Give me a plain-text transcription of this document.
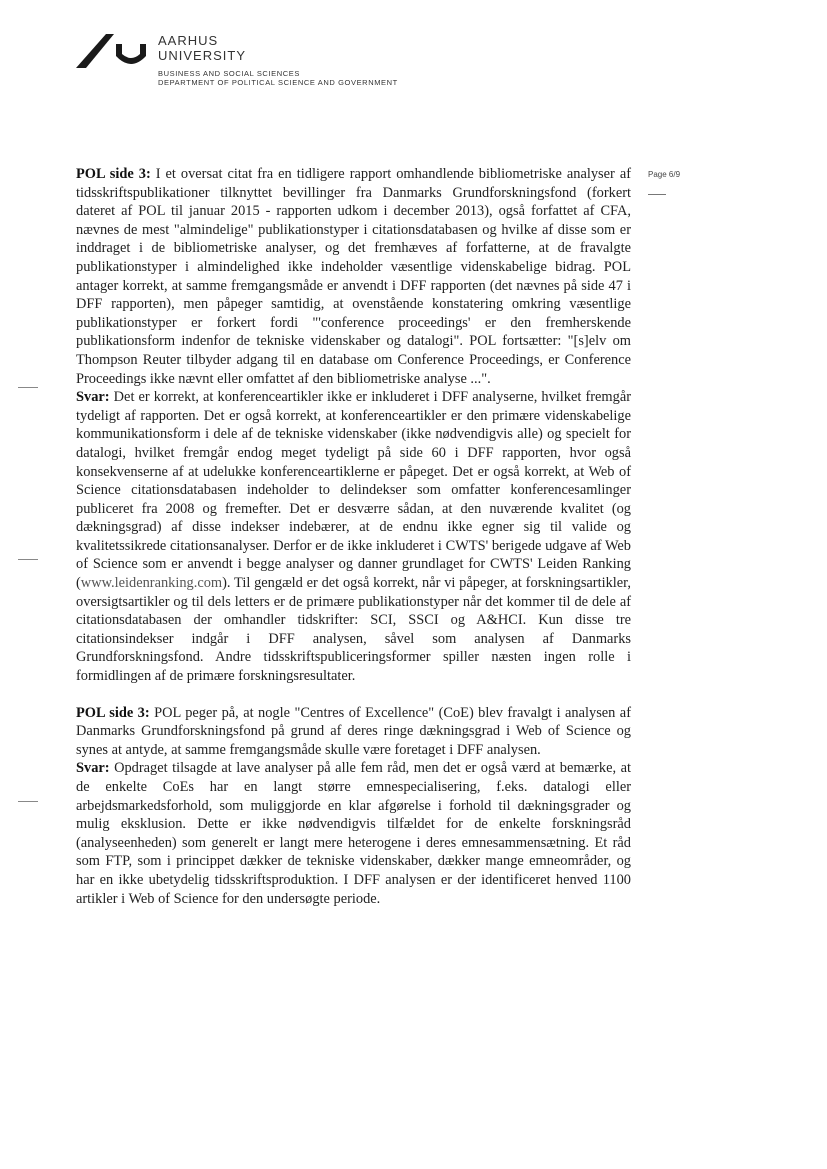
AARHUS

UNIVERSITY

BUSINESS AND SOCIAL SCIENCES

DEPARTMENT OF POLITICAL SCIENCE AND GOVERNMENT

Page 6/9

POL side 3: I et oversat citat fra en tidligere rapport omhandlende bibliometriske analyser af tidsskriftspublikationer tilknyttet bevillinger fra Danmarks Grundforskningsfond (forkert dateret af POL til januar 2015 - rapporten udkom i december 2013), også forfattet af CFA, nævnes de mest "almindelige" publikationstyper i citationsdatabasen og hvilke af disse som er inddraget i de bibliometriske analyser, og det fremhæves af forfatterne, at de fravalgte publikationstyper i almindelighed ikke indeholder væsentlige videnskabelige bidrag. POL antager korrekt, at samme fremgangsmåde er anvendt i DFF rapporten (det nævnes på side 47 i DFF rapporten), men påpeger samtidig, at ovenstående konstatering omkring væsentlige publikationstyper er forkert fordi "'conference proceedings' er den fremherskende publikationsform indenfor de tekniske videnskaber og datalogi". POL fortsætter: "[s]elv om Thompson Reuter tilbyder adgang til en database om Conference Proceedings, er Conference Proceedings ikke nævnt eller omfattet af den bibliometriske analyse ...".

Svar: Det er korrekt, at konferenceartikler ikke er inkluderet i DFF analyserne, hvilket fremgår tydeligt af rapporten. Det er også korrekt, at konferenceartikler er den primære videnskabelige kommunikationsform i dele af de tekniske videnskaber (ikke nødvendigvis alle) og specielt for datalogi, hvilket fremgår endog meget tydeligt på side 60 i DFF rapporten, hvor også konsekvenserne af at udelukke konferenceartiklerne er påpeget. Det er også korrekt, at Web of Science citationsdatabasen indeholder to delindekser som omfatter konferencesamlinger publiceret fra 2008 og fremefter. Det er desværre sådan, at den nuværende kvalitet (og dækningsgrad) af disse indekser indebærer, at de endnu ikke egner sig til valide og kvalitetssikrede citationsanalyser. Derfor er de ikke inkluderet i CWTS' berigede udgave af Web of Science som er anvendt i begge analyser og danner grundlaget for CWTS' Leiden Ranking (www.leidenranking.com). Til gengæld er det også korrekt, når vi påpeger, at forskningsartikler, oversigtsartikler og til dels letters er de primære publikationstyper når det kommer til de dele af citationsdatabasen der omhandler tidskrifter: SCI, SSCI og A&HCI. Kun disse tre citationsindekser indgår i DFF analysen, såvel som analysen af Danmarks Grundforskningsfond. Andre tidsskriftspubliceringsformer spiller næsten ingen rolle i formidlingen af de primære forskningsresultater.

POL side 3: POL peger på, at nogle "Centres of Excellence" (CoE) blev fravalgt i analysen af Danmarks Grundforskningsfond på grund af deres ringe dækningsgrad i Web of Science og synes at antyde, at samme fremgangsmåde skulle være foretaget i DFF analysen.

Svar: Opdraget tilsagde at lave analyser på alle fem råd, men det er også værd at bemærke, at de enkelte CoEs har en langt større emnespecialisering, f.eks. datalogi eller arbejdsmarkedsforhold, som muliggjorde en klar afgørelse i forhold til dækningsgrader og mulig eksklusion. Dette er ikke nødvendigvis tilfældet for de enkelte forskningsråd (analyseenheden) som generelt er langt mere heterogene i deres emnesammensætning. Et råd som FTP, som i princippet dækker de tekniske videnskaber, dækker mange emneområder, og har en ikke ubetydelig tidsskriftsproduktion. I DFF analysen er der identificeret henved 1100 artikler i Web of Science for den undersøgte periode.
